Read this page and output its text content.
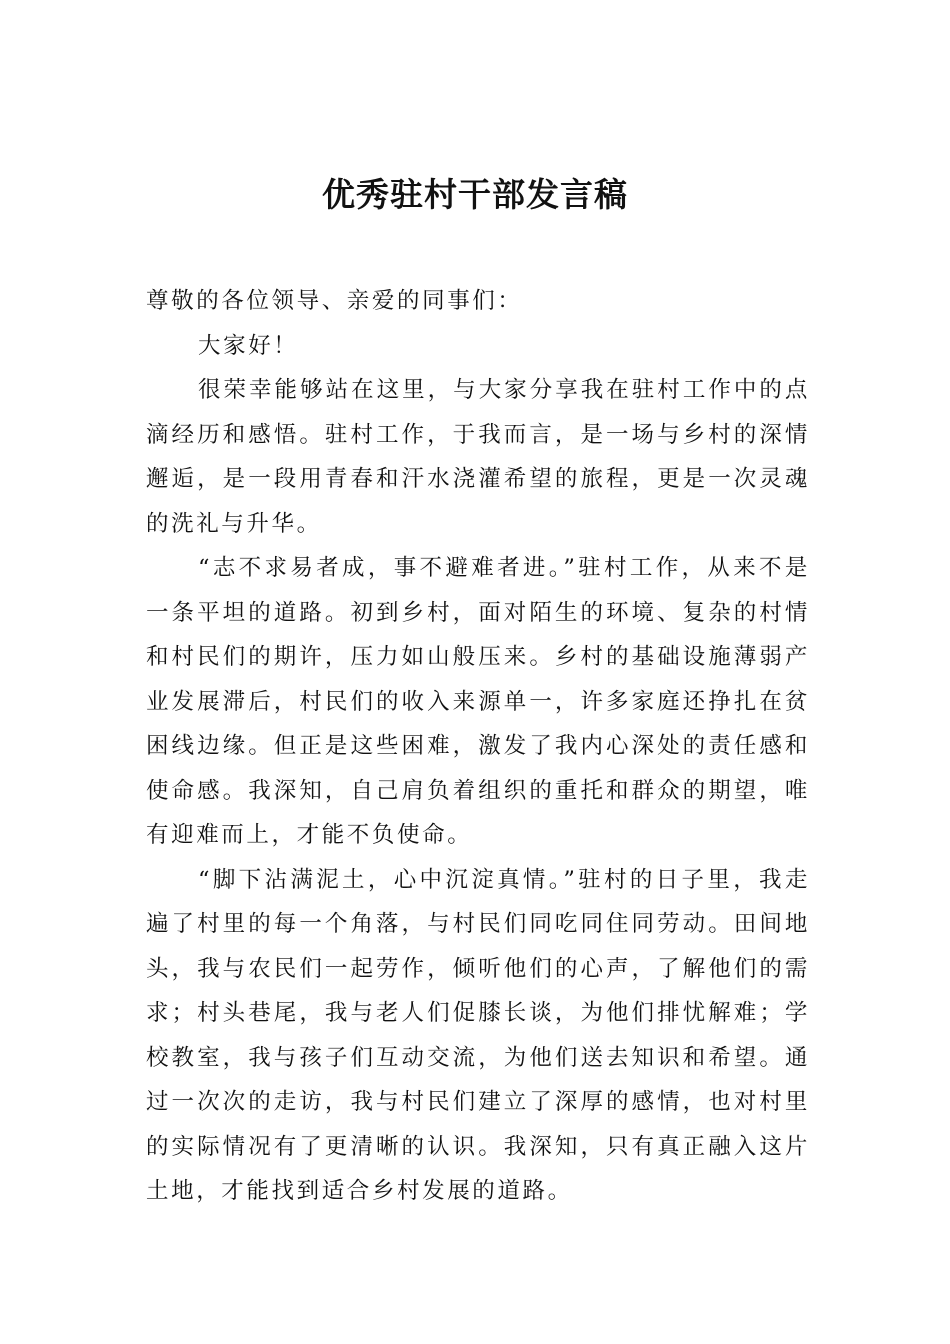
优秀驻村干部发言稿

尊敬的各位领导、亲爱的同事们：

大家好！

很荣幸能够站在这里，与大家分享我在驻村工作中的点滴经历和感悟。驻村工作，于我而言，是一场与乡村的深情邂逅，是一段用青春和汗水浇灌希望的旅程，更是一次灵魂的洗礼与升华。

“志不求易者成，事不避难者进。”驻村工作，从来不是一条平坦的道路。初到乡村，面对陌生的环境、复杂的村情和村民们的期许，压力如山般压来。乡村的基础设施薄弱产业发展滞后，村民们的收入来源单一，许多家庭还挣扎在贫困线边缘。但正是这些困难，激发了我内心深处的责任感和使命感。我深知，自己肩负着组织的重托和群众的期望，唯有迎难而上，才能不负使命。

“脚下沾满泥土，心中沉淀真情。”驻村的日子里，我走遍了村里的每一个角落，与村民们同吃同住同劳动。田间地头，我与农民们一起劳作，倾听他们的心声，了解他们的需求；村头巷尾，我与老人们促膝长谈，为他们排忧解难；学校教室，我与孩子们互动交流，为他们送去知识和希望。通过一次次的走访，我与村民们建立了深厚的感情，也对村里的实际情况有了更清晰的认识。我深知，只有真正融入这片土地，才能找到适合乡村发展的道路。
